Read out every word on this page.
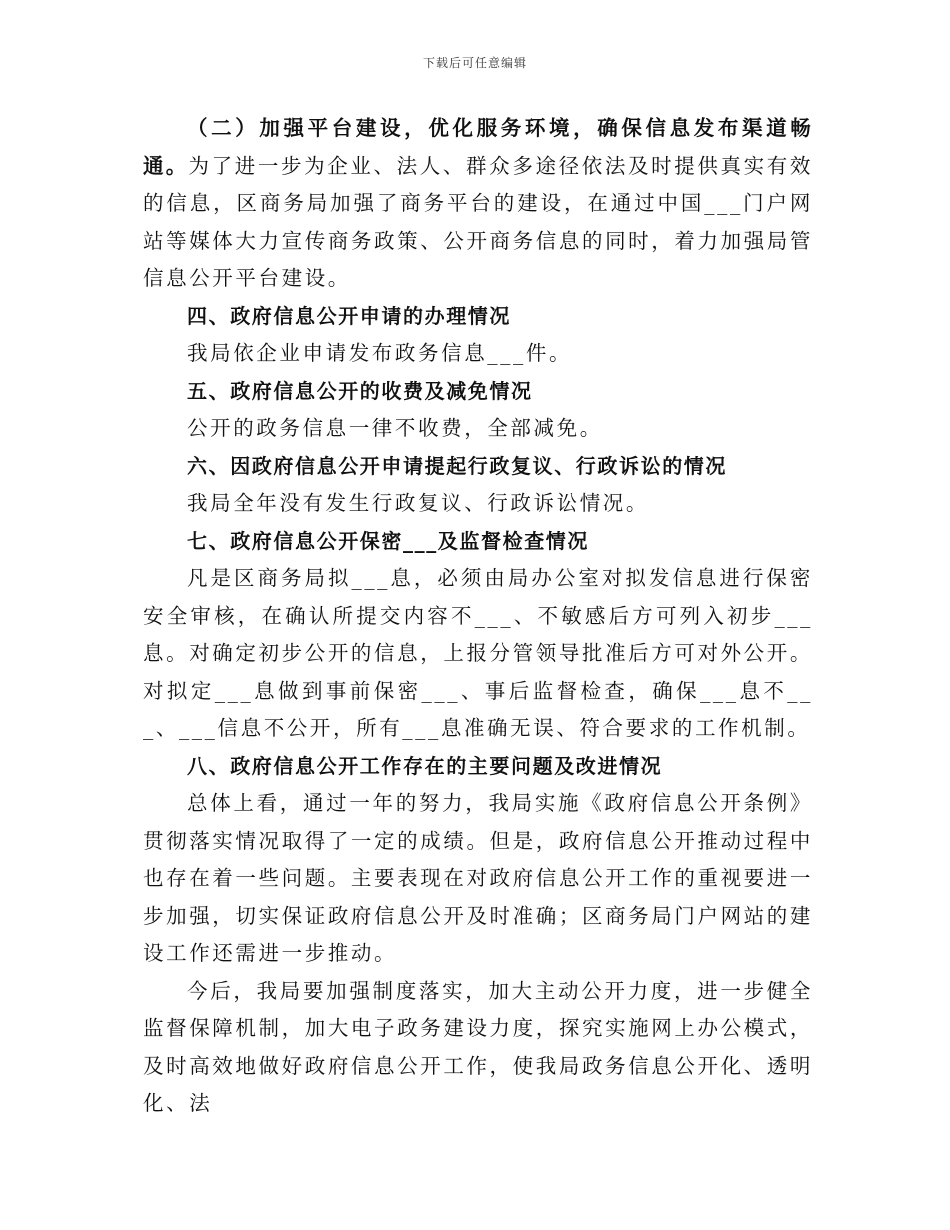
下载后可任意编辑

（二）加强平台建设，优化服务环境，确保信息发布渠道畅通。为了进一步为企业、法人、群众多途径依法及时提供真实有效的信息，区商务局加强了商务平台的建设，在通过中国___门户网站等媒体大力宣传商务政策、公开商务信息的同时，着力加强局管信息公开平台建设。

四、政府信息公开申请的办理情况

我局依企业申请发布政务信息___件。

五、政府信息公开的收费及减免情况

公开的政务信息一律不收费，全部减免。

六、因政府信息公开申请提起行政复议、行政诉讼的情况

我局全年没有发生行政复议、行政诉讼情况。

七、政府信息公开保密___及监督检查情况

凡是区商务局拟___息，必须由局办公室对拟发信息进行保密安全审核，在确认所提交内容不___、不敏感后方可列入初步___息。对确定初步公开的信息，上报分管领导批准后方可对外公开。对拟定___息做到事前保密___、事后监督检查，确保___息不___、___信息不公开，所有___息准确无误、符合要求的工作机制。

八、政府信息公开工作存在的主要问题及改进情况

总体上看，通过一年的努力，我局实施《政府信息公开条例》贯彻落实情况取得了一定的成绩。但是，政府信息公开推动过程中也存在着一些问题。主要表现在对政府信息公开工作的重视要进一步加强，切实保证政府信息公开及时准确；区商务局门户网站的建设工作还需进一步推动。

今后，我局要加强制度落实，加大主动公开力度，进一步健全监督保障机制，加大电子政务建设力度，探究实施网上办公模式，及时高效地做好政府信息公开工作，使我局政务信息公开化、透明化、法
